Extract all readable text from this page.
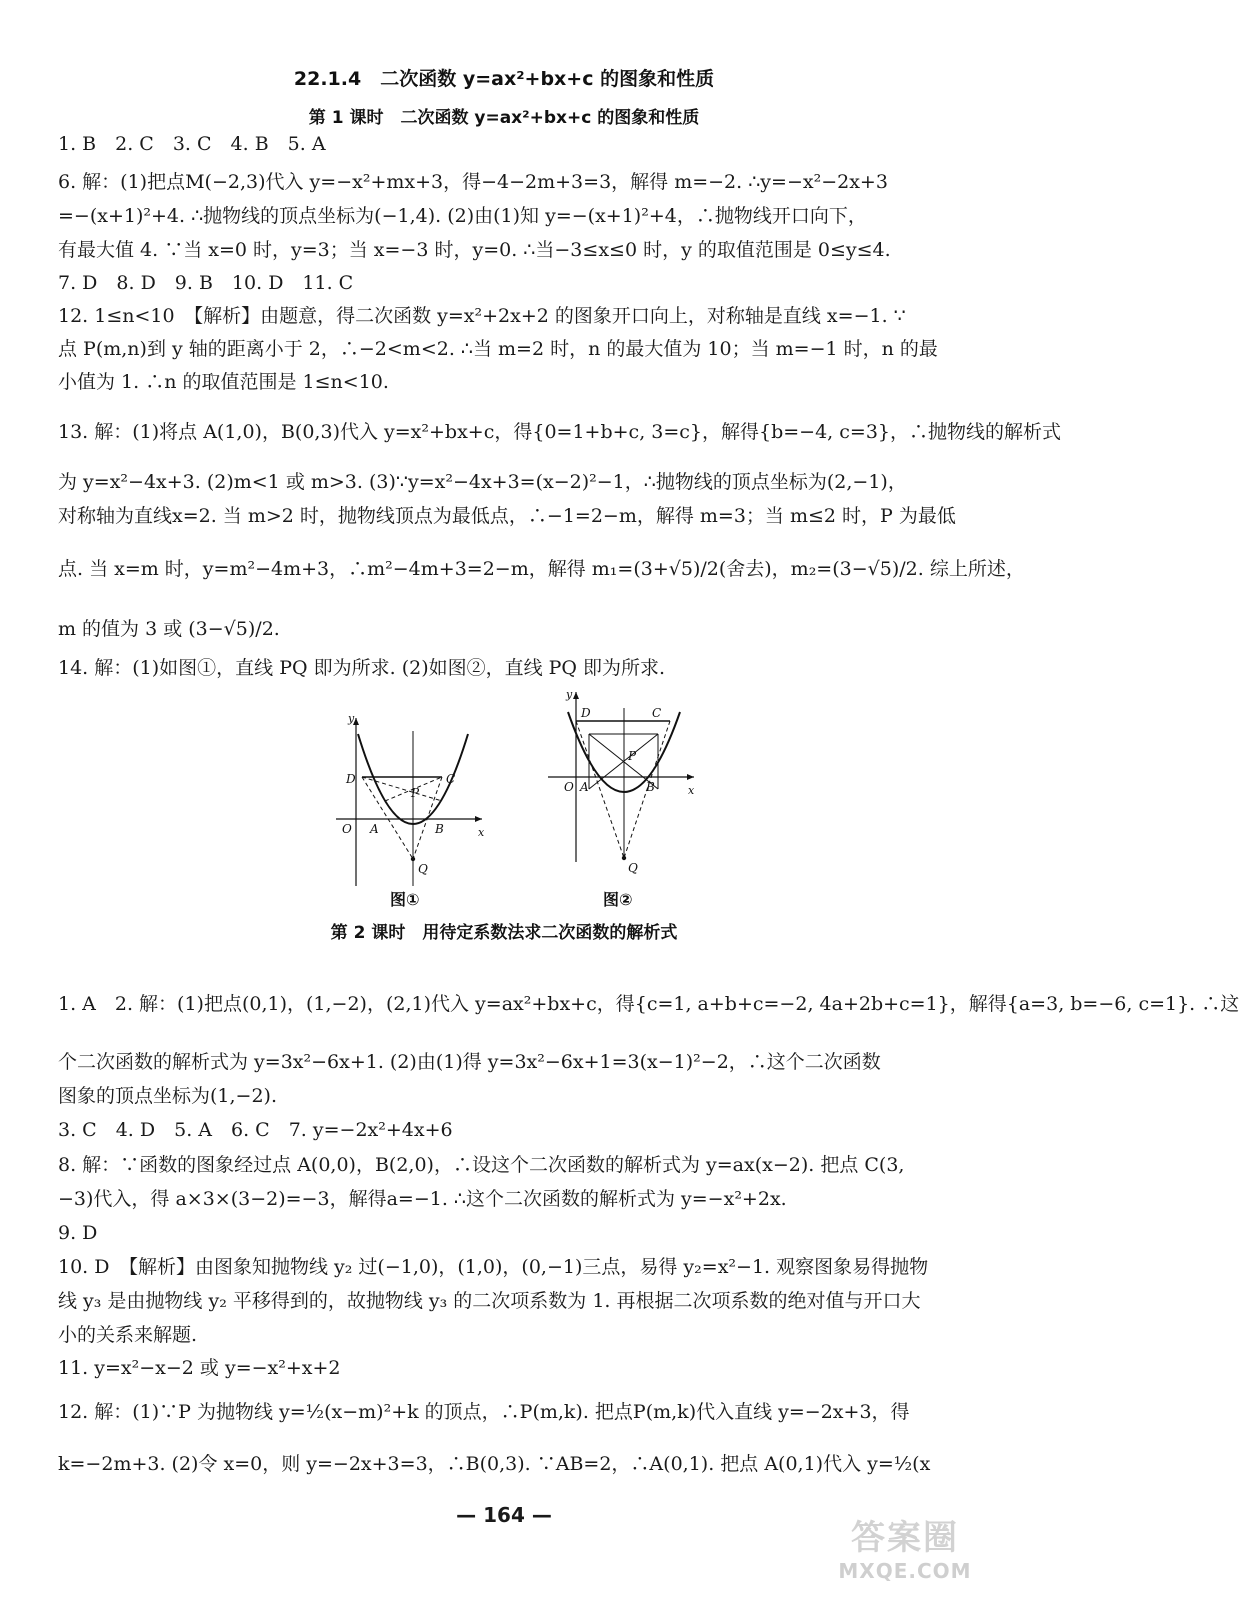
22.1.4　二次函数 y=ax²+bx+c 的图象和性质
第 1 课时　二次函数 y=ax²+bx+c 的图象和性质
1. B　2. C　3. C　4. B　5. A
6. 解：(1)把点M(−2,3)代入 y=−x²+mx+3，得−4−2m+3=3，解得 m=−2. ∴y=−x²−2x+3
=−(x+1)²+4. ∴抛物线的顶点坐标为(−1,4). (2)由(1)知 y=−(x+1)²+4，∴抛物线开口向下，
有最大值 4. ∵当 x=0 时，y=3；当 x=−3 时，y=0. ∴当−3≤x≤0 时，y 的取值范围是 0≤y≤4.
7. D　8. D　9. B　10. D　11. C
12. 1≤n<10　【解析】由题意，得二次函数 y=x²+2x+2 的图象开口向上，对称轴是直线 x=−1. ∵
点 P(m,n)到 y 轴的距离小于 2，∴−2<m<2. ∴当 m=2 时，n 的最大值为 10；当 m=−1 时，n 的最
小值为 1. ∴n 的取值范围是 1≤n<10.
13. 解：(1)将点 A(1,0)，B(0,3)代入 y=x²+bx+c，得{0=1+b+c, 3=c}，解得{b=−4, c=3}，∴抛物线的解析式
为 y=x²−4x+3. (2)m<1 或 m>3. (3)∵y=x²−4x+3=(x−2)²−1，∴抛物线的顶点坐标为(2,−1)，
对称轴为直线x=2. 当 m>2 时，抛物线顶点为最低点，∴−1=2−m，解得 m=3；当 m≤2 时，P 为最低
点. 当 x=m 时，y=m²−4m+3，∴m²−4m+3=2−m，解得 m₁=(3+√5)/2(舍去)，m₂=(3−√5)/2. 综上所述，
m 的值为 3 或 (3−√5)/2.
14. 解：(1)如图①，直线 PQ 即为所求. (2)如图②，直线 PQ 即为所求.
y
x
O A	B
C
D
P
Q
图①
y
x
O A	B
C
D
P
Q
图②
第 2 课时　用待定系数法求二次函数的解析式
1. A　2. 解：(1)把点(0,1)，(1,−2)，(2,1)代入 y=ax²+bx+c，得{c=1, a+b+c=−2, 4a+2b+c=1}，解得{a=3, b=−6, c=1}. ∴这
个二次函数的解析式为 y=3x²−6x+1. (2)由(1)得 y=3x²−6x+1=3(x−1)²−2，∴这个二次函数
图象的顶点坐标为(1,−2).
3. C　4. D　5. A　6. C　7. y=−2x²+4x+6
8. 解：∵函数的图象经过点 A(0,0)，B(2,0)，∴设这个二次函数的解析式为 y=ax(x−2). 把点 C(3,
−3)代入，得 a×3×(3−2)=−3，解得a=−1. ∴这个二次函数的解析式为 y=−x²+2x.
9. D
10. D　【解析】由图象知抛物线 y₂ 过(−1,0)，(1,0)，(0,−1)三点，易得 y₂=x²−1. 观察图象易得抛物
线 y₃ 是由抛物线 y₂ 平移得到的，故抛物线 y₃ 的二次项系数为 1. 再根据二次项系数的绝对值与开口大
小的关系来解题.
11. y=x²−x−2 或 y=−x²+x+2
12. 解：(1)∵P 为抛物线 y=½(x−m)²+k 的顶点，∴P(m,k). 把点P(m,k)代入直线 y=−2x+3，得
k=−2m+3. (2)令 x=0，则 y=−2x+3=3，∴B(0,3). ∵AB=2，∴A(0,1). 把点 A(0,1)代入 y=½(x
— 164 —
答案圈
MXQE.COM
